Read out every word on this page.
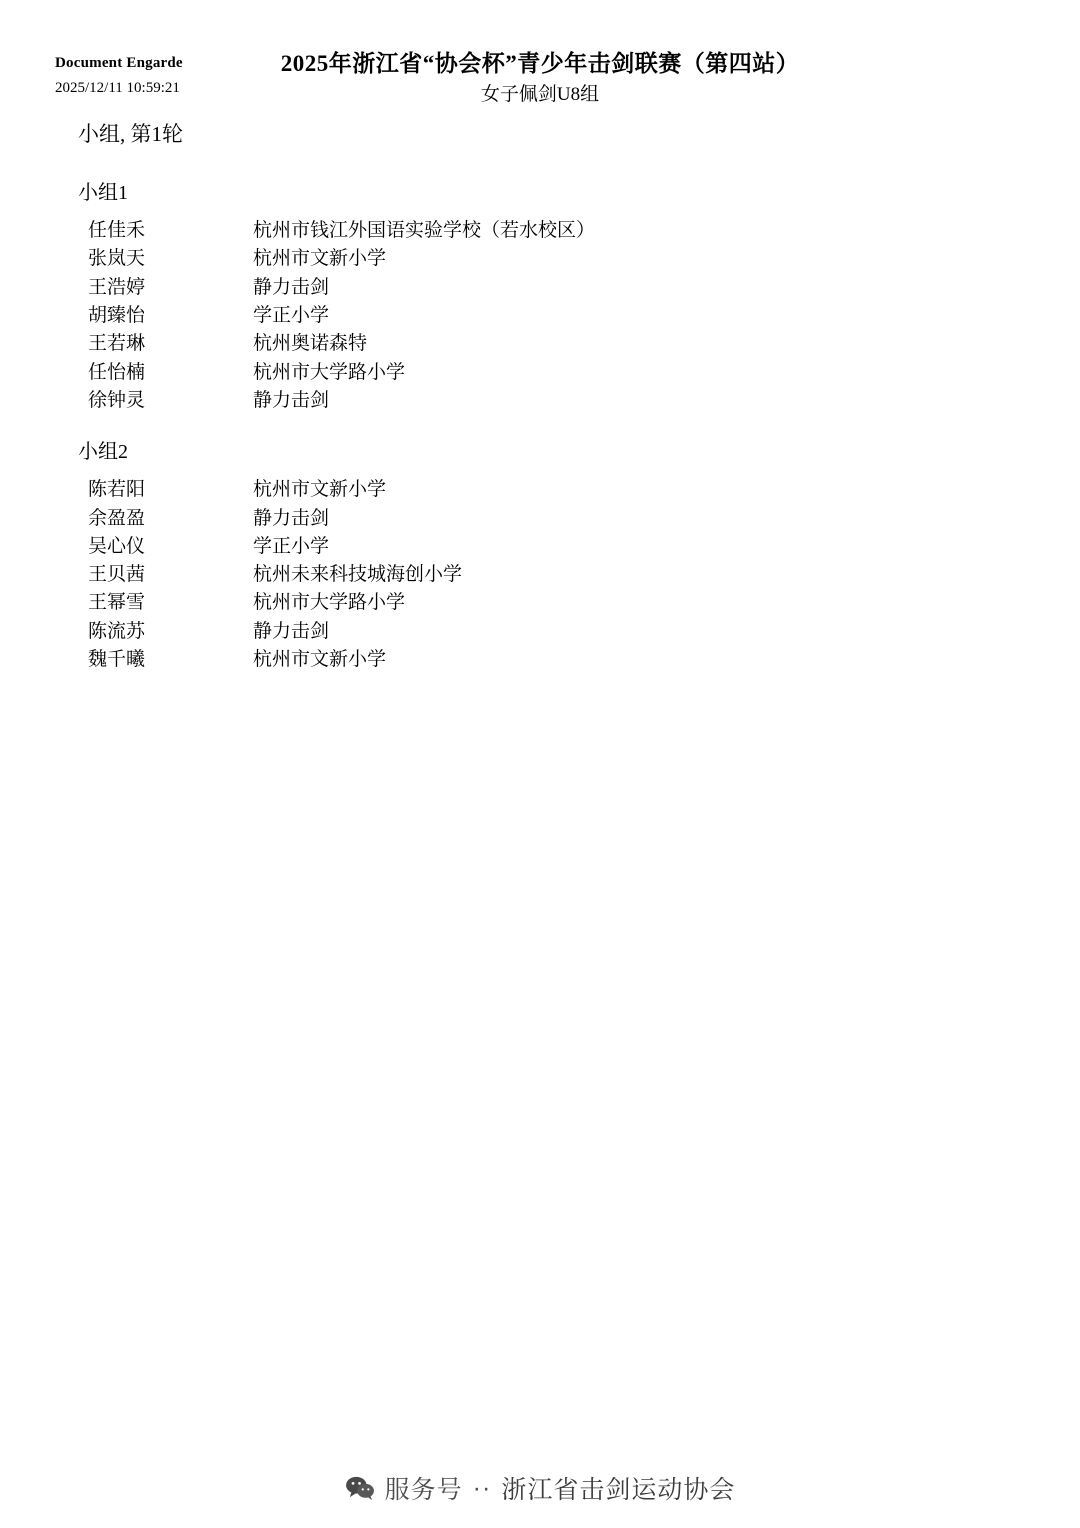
Document Engarde
2025/12/11 10:59:21
2025年浙江省“协会杯”青少年击剑联赛（第四站）
女子佩剑U8组
小组, 第1轮
小组1
任佳禾	杭州市钱江外国语实验学校（若水校区）
张岚天	杭州市文新小学
王浩婷	静力击剑
胡臻怡	学正小学
王若琳	杭州奥诺森特
任怡楠	杭州市大学路小学
徐钟灵	静力击剑
小组2
陈若阳	杭州市文新小学
余盈盈	静力击剑
吴心仪	学正小学
王贝茜	杭州未来科技城海创小学
王幂雪	杭州市大学路小学
陈流苏	静力击剑
魏千曦	杭州市文新小学
服务号 ·· 浙江省击剑运动协会
